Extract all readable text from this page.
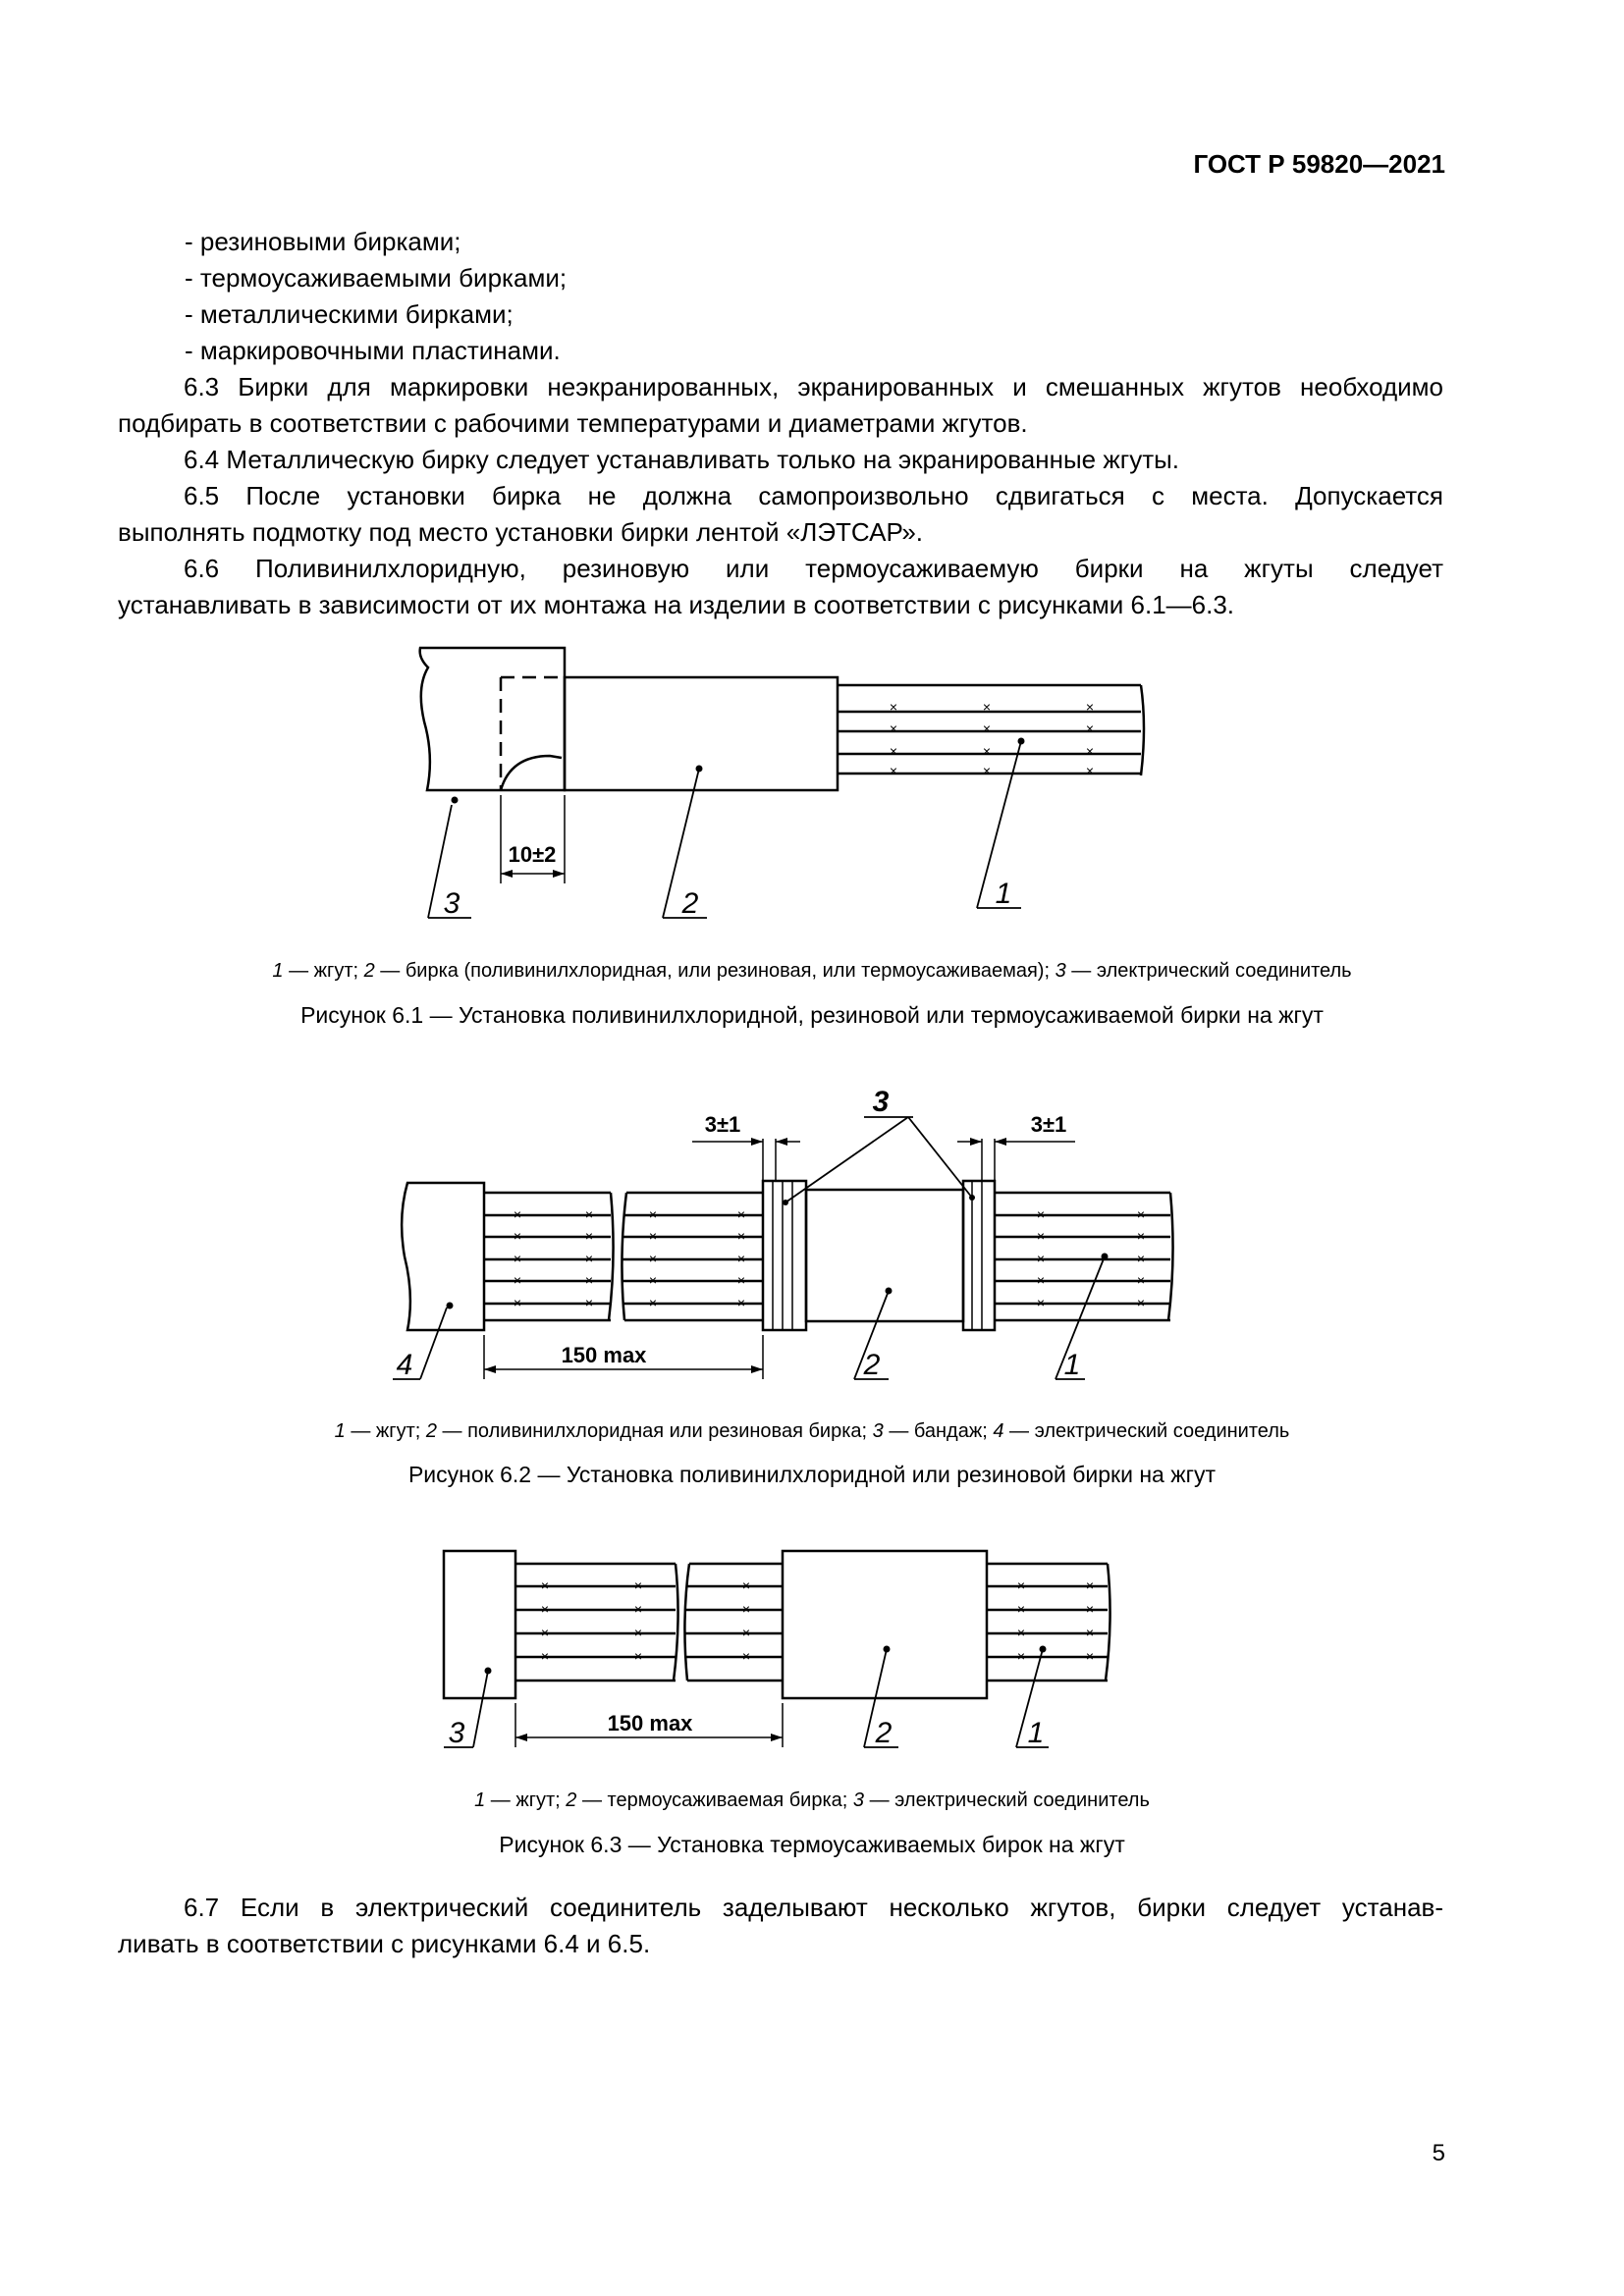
ГОСТ Р 59820—2021

- резиновыми бирками;

- термоусаживаемыми бирками;

- металлическими бирками;

- маркировочными пластинами.

6.3 Бирки для маркировки неэкранированных, экранированных и смешанных жгутов необходимо

подбирать в соответствии с рабочими температурами и диаметрами жгутов.

6.4 Металлическую бирку следует устанавливать только на экранированные жгуты.

6.5 После установки бирка не должна самопроизвольно сдвигаться с места. Допускается

выполнять подмотку под место установки бирки лентой «ЛЭТСАР».

6.6 Поливинилхлоридную, резиновую или термоусаживаемую бирки на жгуты следует

устанавливать в зависимости от их монтажа на изделии в соответствии с рисунками 6.1—6.3.

×	×	×
×	×	×
×	×	×
×	×	×
10±2
3	2	1
1 — жгут; 2 — бирка (поливинилхлоридная, или резиновая, или термоусаживаемая); 3 — электрический соединитель
Рисунок 6.1 — Установка поливинилхлоридной, резиновой или термоусаживаемой бирки на жгут
×	×	×	×	×	×
×	×	×	×	×	×
×	×	×	×	×	×
×	×	×	×	×	×
×	×	×	×	×	×
3±1	3±1
150 max
3
4	2	1
1 — жгут; 2 — поливинилхлоридная или резиновая бирка; 3 — бандаж; 4 — электрический соединитель
Рисунок 6.2 — Установка поливинилхлоридной или резиновой бирки на жгут
×	×	×	×	×
×	×	×	×	×
×	×	×	×	×
×	×	×	×	×
150 max
3	2	1
1 — жгут; 2 — термоусаживаемая бирка; 3 — электрический соединитель
Рисунок 6.3 — Установка термоусаживаемых бирок на жгут

6.7 Если в электрический соединитель заделывают несколько жгутов, бирки следует устанав-

ливать в соответствии с рисунками 6.4 и 6.5.

5
